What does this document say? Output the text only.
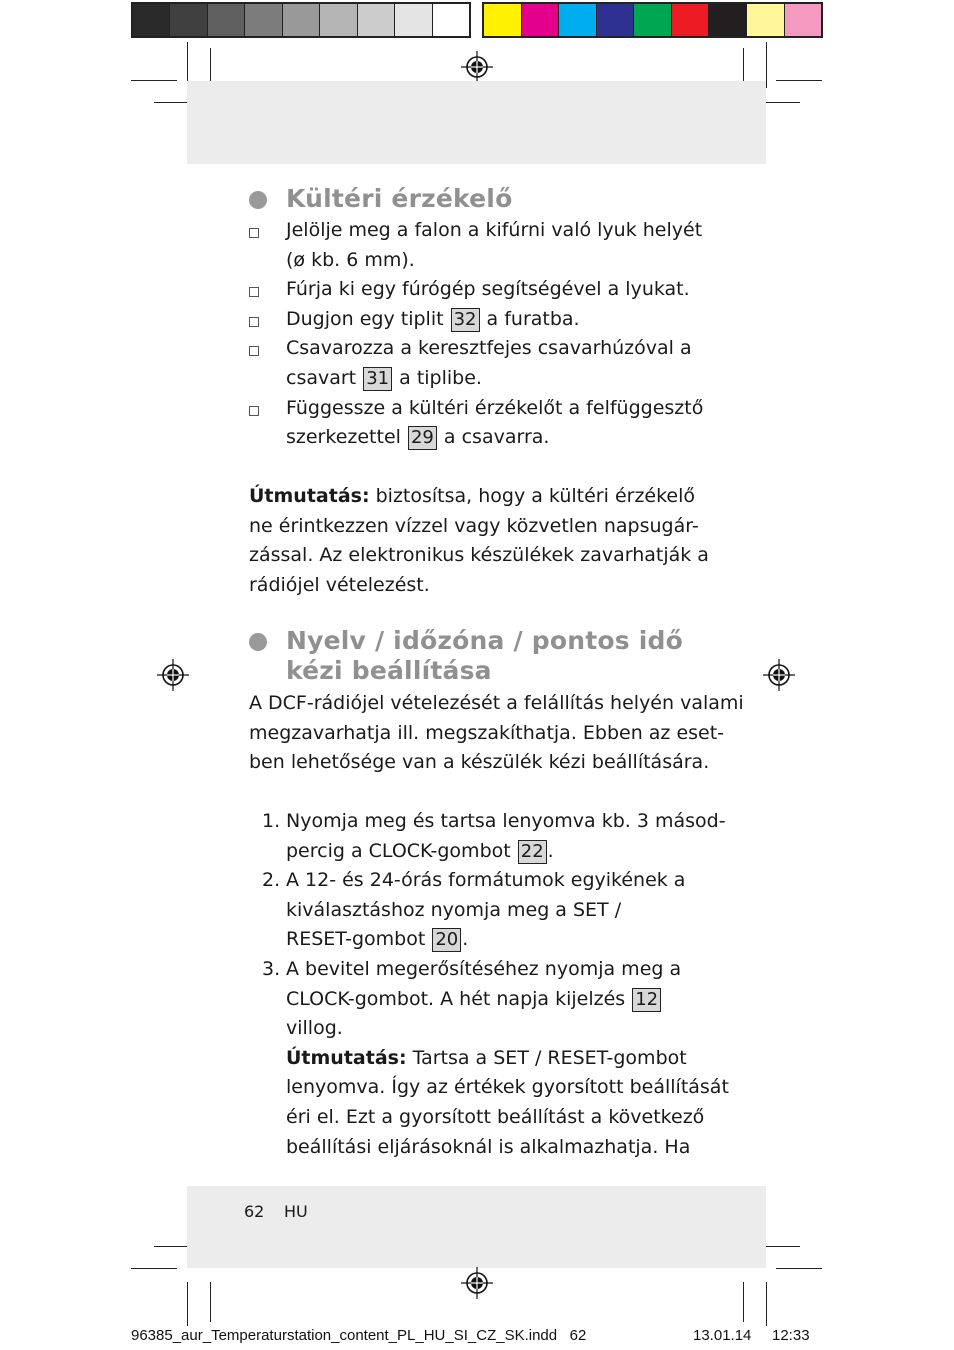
Kültéri érzékelő
Jelölje meg a falon a kifúrni való lyuk helyét
(ø kb. 6 mm).
Fúrja ki egy fúrógép segítségével a lyukat.
Dugjon egy tiplit 32 a furatba.
Csavarozza a keresztfejes csavarhúzóval a
csavart 31 a tiplibe.
Függessze a kültéri érzékelőt a felfüggesztő
szerkezettel 29 a csavarra.
Útmutatás: biztosítsa, hogy a kültéri érzékelő
ne érintkezzen vízzel vagy közvetlen napsugár-
zással. Az elektronikus készülékek zavarhatják a
rádiójel vételezést.
Nyelv / időzóna / pontos idő
kézi beállítása
A DCF-rádiójel vételezését a felállítás helyén valami
megzavarhatja ill. megszakíthatja. Ebben az eset-
ben lehetősége van a készülék kézi beállítására.
1. Nyomja meg és tartsa lenyomva kb. 3 másod-
percig a CLOCK-gombot 22 .
2. A 12- és 24-órás formátumok egyikének a
kiválasztáshoz nyomja meg a SET /
RESET-gombot 20 .
3. A bevitel megerősítéséhez nyomja meg a
CLOCK-gombot. A hét napja kijelzés 12
villog.
Útmutatás: Tartsa a SET / RESET-gombot
lenyomva. Így az értékek gyorsított beállítását
éri el. Ezt a gyorsított beállítást a következő
beállítási eljárásoknál is alkalmazhatja. Ha
62 HU
96385_aur_Temperaturstation_content_PL_HU_SI_CZ_SK.indd   62	13.01.14 12:33
